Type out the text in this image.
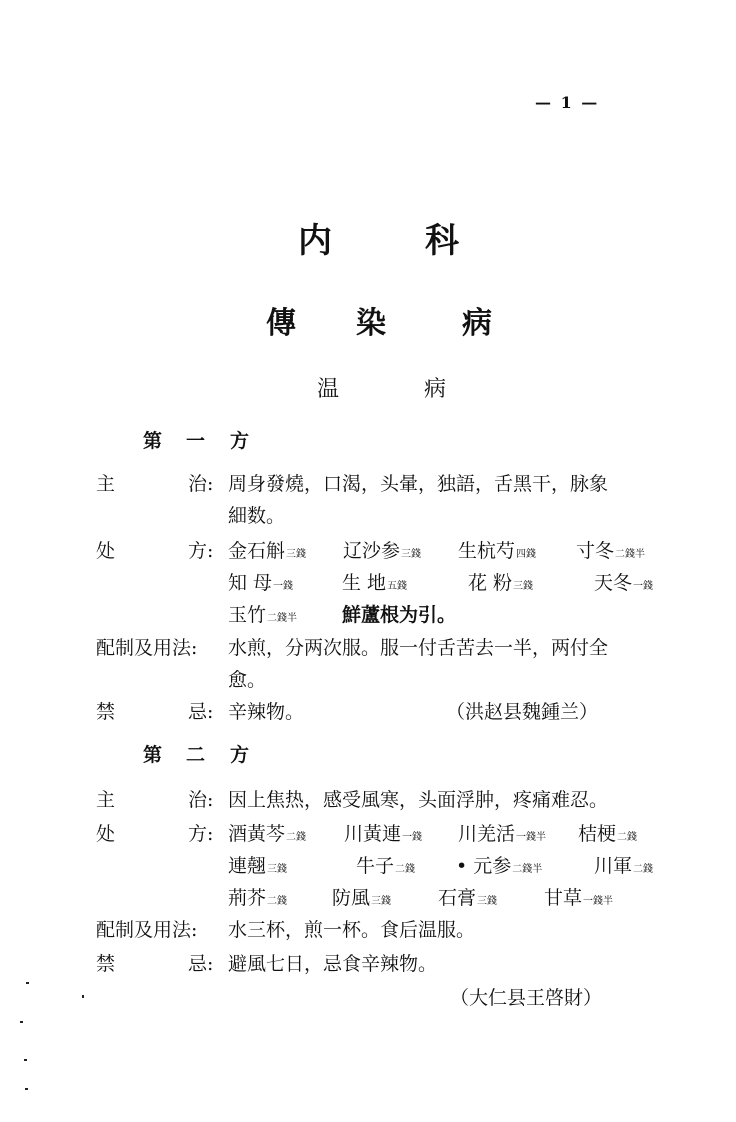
— 1 —
内	科
傳 染	病
温	病
第 一 方
主	治: 周身發燒，口渴，头暈，独語，舌黑干，脉象
細数。
处	方: 金石斛三錢 辽沙参三錢 生杭芍四錢 寸冬二錢半
知 母一錢	生 地五錢	花 粉三錢	天冬一錢
玉竹二錢半 鮮蘆根为引。
配制及用法: 水煎，分两次服。服一付舌苦去一半，两付全
愈。
禁	忌: 辛辣物。	（洪赵县魏鍾兰）
第 二 方
主	治: 因上焦热，感受風寒，头面浮肿，疼痛难忍。
处	方: 酒黃芩二錢 川黃連一錢 川羌活一錢半 桔梗二錢
連翹三錢	牛子二錢 • 元参二錢半	川軍二錢
荊芥二錢 防風三錢 石膏三錢 甘草一錢半
配制及用法: 水三杯，煎一杯。食后温服。
禁	忌: 避風七日，忌食辛辣物。
（大仁县王啓財）
